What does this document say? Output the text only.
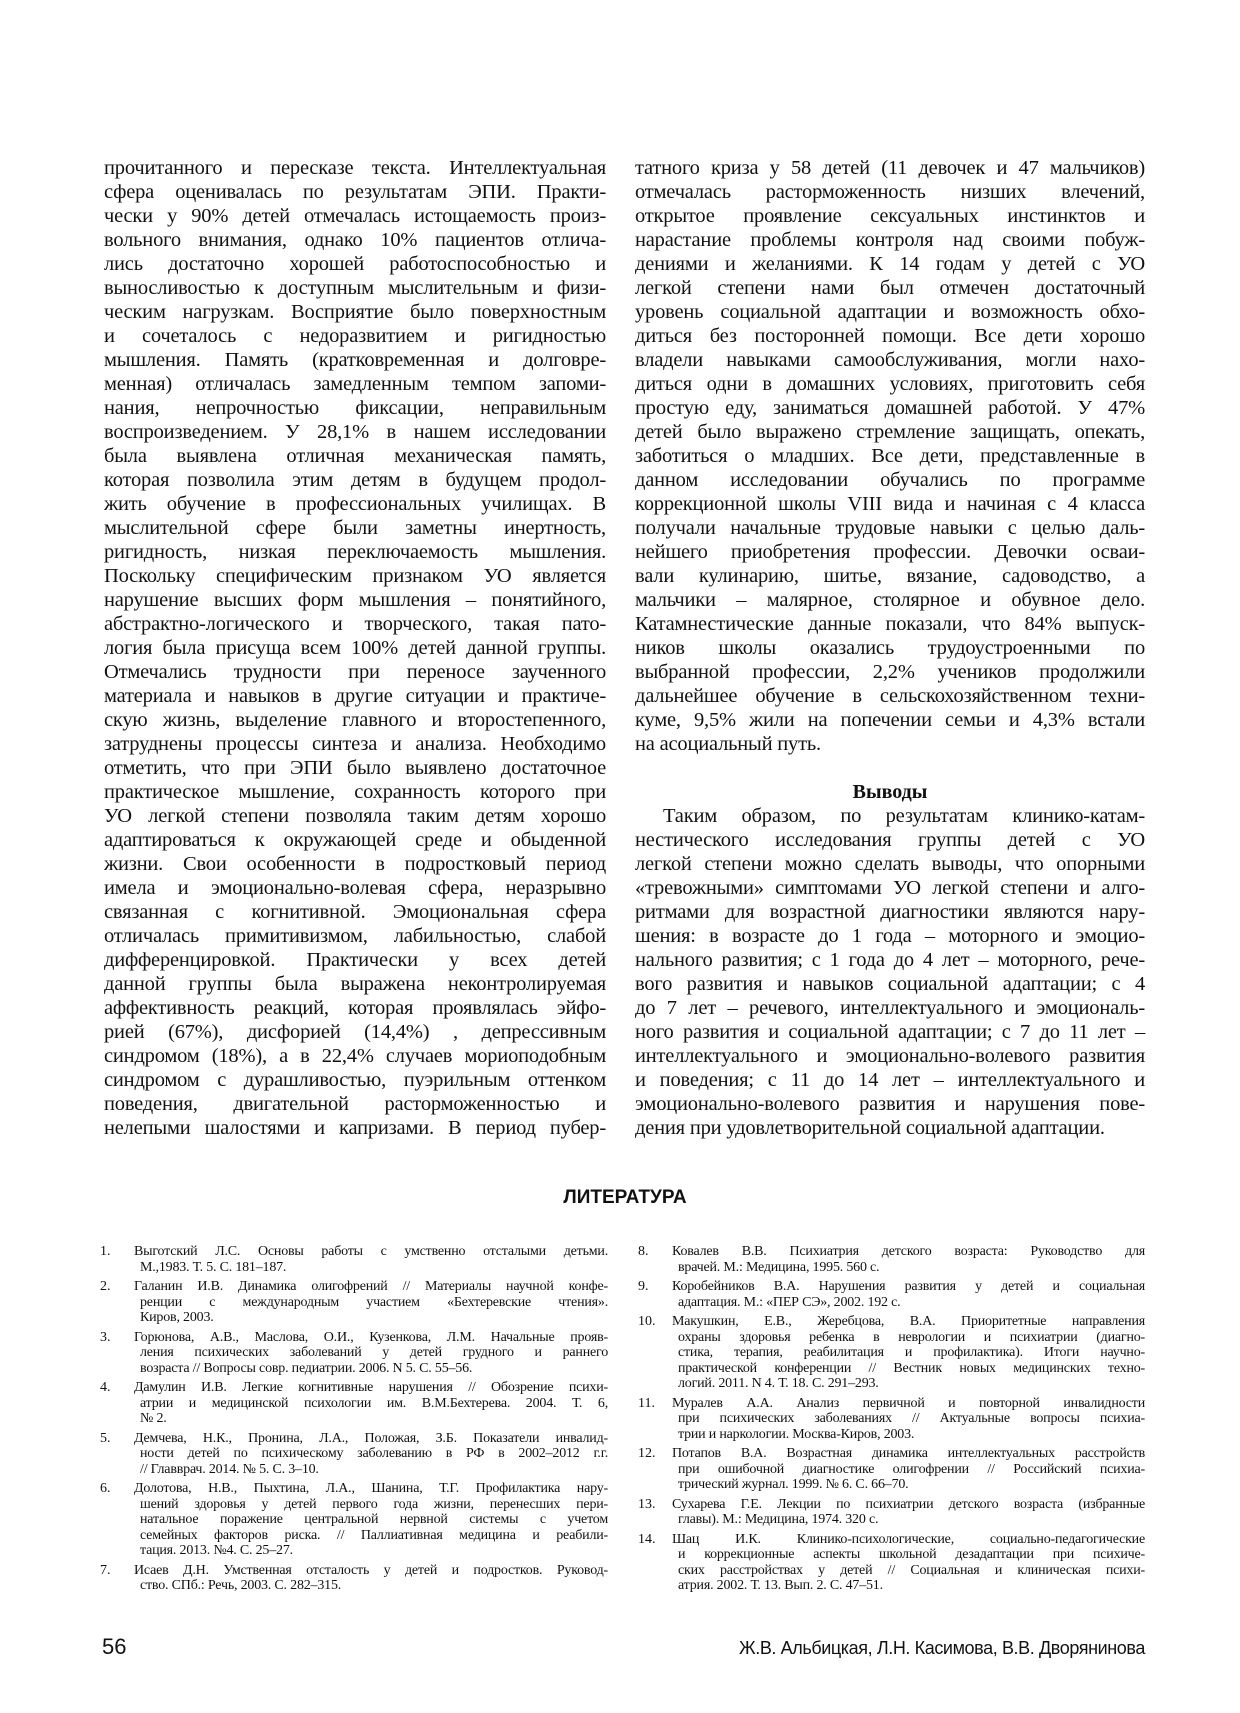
прочитанного и пересказе текста. Интеллектуальная
сфера оценивалась по результатам ЭПИ. Практи-
чески у 90% детей отмечалась истощаемость произ-
вольного внимания, однако 10% пациентов отлича-
лись достаточно хорошей работоспособностью и
выносливостью к доступным мыслительным и физи-
ческим нагрузкам. Восприятие было поверхностным
и сочеталось с недоразвитием и ригидностью
мышления. Память (кратковременная и долговре-
менная) отличалась замедленным темпом запоми-
нания, непрочностью фиксации, неправильным
воспроизведением. У 28,1% в нашем исследовании
была выявлена отличная механическая память,
которая позволила этим детям в будущем продол-
жить обучение в профессиональных училищах. В
мыслительной сфере были заметны инертность,
ригидность, низкая переключаемость мышления.
Поскольку специфическим признаком УО является
нарушение высших форм мышления – понятийного,
абстрактно-логического и творческого, такая пато-
логия была присуща всем 100% детей данной группы.
Отмечались трудности при переносе заученного
материала и навыков в другие ситуации и практиче-
скую жизнь, выделение главного и второстепенного,
затруднены процессы синтеза и анализа. Необходимо
отметить, что при ЭПИ было выявлено достаточное
практическое мышление, сохранность которого при
УО легкой степени позволяла таким детям хорошо
адаптироваться к окружающей среде и обыденной
жизни. Свои особенности в подростковый период
имела и эмоционально-волевая сфера, неразрывно
связанная с когнитивной. Эмоциональная сфера
отличалась примитивизмом, лабильностью, слабой
дифференцировкой. Практически у всех детей
данной группы была выражена неконтролируемая
аффективность реакций, которая проявлялась эйфо-
рией (67%), дисфорией (14,4%) , депрессивным
синдромом (18%), а в 22,4% случаев мориоподобным
синдромом с дурашливостью, пуэрильным оттенком
поведения, двигательной расторможенностью и
нелепыми шалостями и капризами. В период пубер-
татного криза у 58 детей (11 девочек и 47 мальчиков)
отмечалась расторможенность низших влечений,
открытое проявление сексуальных инстинктов и
нарастание проблемы контроля над своими побуж-
дениями и желаниями. К 14 годам у детей с УО
легкой степени нами был отмечен достаточный
уровень социальной адаптации и возможность обхо-
диться без посторонней помощи. Все дети хорошо
владели навыками самообслуживания, могли нахо-
диться одни в домашних условиях, приготовить себя
простую еду, заниматься домашней работой. У 47%
детей было выражено стремление защищать, опекать,
заботиться о младших. Все дети, представленные в
данном исследовании обучались по программе
коррекционной школы VIII вида и начиная с 4 класса
получали начальные трудовые навыки с целью даль-
нейшего приобретения профессии. Девочки осваи-
вали кулинарию, шитье, вязание, садоводство, а
мальчики – малярное, столярное и обувное дело.
Катамнестические данные показали, что 84% выпуск-
ников школы оказались трудоустроенными по
выбранной профессии, 2,2% учеников продолжили
дальнейшее обучение в сельскохозяйственном техни-
куме, 9,5% жили на попечении семьи и 4,3% встали
на асоциальный путь.
Выводы
Таким образом, по результатам клинико-катам-
нестического исследования группы детей с УО
легкой степени можно сделать выводы, что опорными
«тревожными» симптомами УО легкой степени и алго-
ритмами для возрастной диагностики являются нару-
шения: в возрасте до 1 года – моторного и эмоцио-
нального развития; с 1 года до 4 лет – моторного, рече-
вого развития и навыков социальной адаптации; с 4
до 7 лет – речевого, интеллектуального и эмоциональ-
ного развития и социальной адаптации; с 7 до 11 лет –
интеллектуального и эмоционально-волевого развития
и поведения; с 11 до 14 лет – интеллектуального и
эмоционально-волевого развития и нарушения пове-
дения при удовлетворительной социальной адаптации.
ЛИТЕРАТУРА
1. Выготский Л.С. Основы работы с умственно отсталыми детьми.
М.,1983. Т. 5. С. 181–187.
2. Галанин И.В. Динамика олигофрений // Материалы научной конфе-
ренции с международным участием «Бехтеревские чтения».
Киров, 2003.
3. Горюнова, А.В., Маслова, О.И., Кузенкова, Л.М. Начальные прояв-
ления психических заболеваний у детей грудного и раннего
возраста // Вопросы совр. педиатрии. 2006. N 5. С. 55–56.
4. Дамулин И.В. Легкие когнитивные нарушения // Обозрение психи-
атрии и медицинской психологии им. В.М.Бехтерева. 2004. Т. 6,
№ 2.
5. Демчева, Н.К., Пронина, Л.А., Положая, З.Б. Показатели инвалид-
ности детей по психическому заболеванию в РФ в 2002–2012 г.г.
// Главврач. 2014. № 5. С. 3–10.
6. Долотова, Н.В., Пыхтина, Л.А., Шанина, Т.Г. Профилактика нару-
шений здоровья у детей первого года жизни, перенесших пери-
натальное поражение центральной нервной системы с учетом
семейных факторов риска. // Паллиативная медицина и реабили-
тация. 2013. №4. С. 25–27.
7. Исаев Д.Н. Умственная отсталость у детей и подростков. Руковод-
ство. СПб.: Речь, 2003. С. 282–315.
8. Ковалев В.В. Психиатрия детского возраста: Руководство для
врачей. М.: Медицина, 1995. 560 с.
9. Коробейников В.А. Нарушения развития у детей и социальная
адаптация. М.: «ПЕР СЭ», 2002. 192 с.
10. Макушкин, Е.В., Жеребцова, В.А. Приоритетные направления
охраны здоровья ребенка в неврологии и психиатрии (диагно-
стика, терапия, реабилитация и профилактика). Итоги научно-
практической конференции // Вестник новых медицинских техно-
логий. 2011. N 4. Т. 18. С. 291–293.
11. Муралев А.А. Анализ первичной и повторной инвалидности
при психических заболеваниях // Актуальные вопросы психиа-
трии и наркологии. Москва-Киров, 2003.
12. Потапов В.А. Возрастная динамика интеллектуальных расстройств
при ошибочной диагностике олигофрении // Российский психиа-
трический журнал. 1999. № 6. С. 66–70.
13. Сухарева Г.Е. Лекции по психиатрии детского возраста (избранные
главы). М.: Медицина, 1974. 320 с.
14. Шац И.К. Клинико-психологические, социально-педагогические
и коррекционные аспекты школьной дезадаптации при психиче-
ских расстройствах у детей // Социальная и клиническая психи-
атрия. 2002. Т. 13. Вып. 2. С. 47–51.
56	Ж.В. Альбицкая, Л.Н. Касимова, В.В. Дворянинова
